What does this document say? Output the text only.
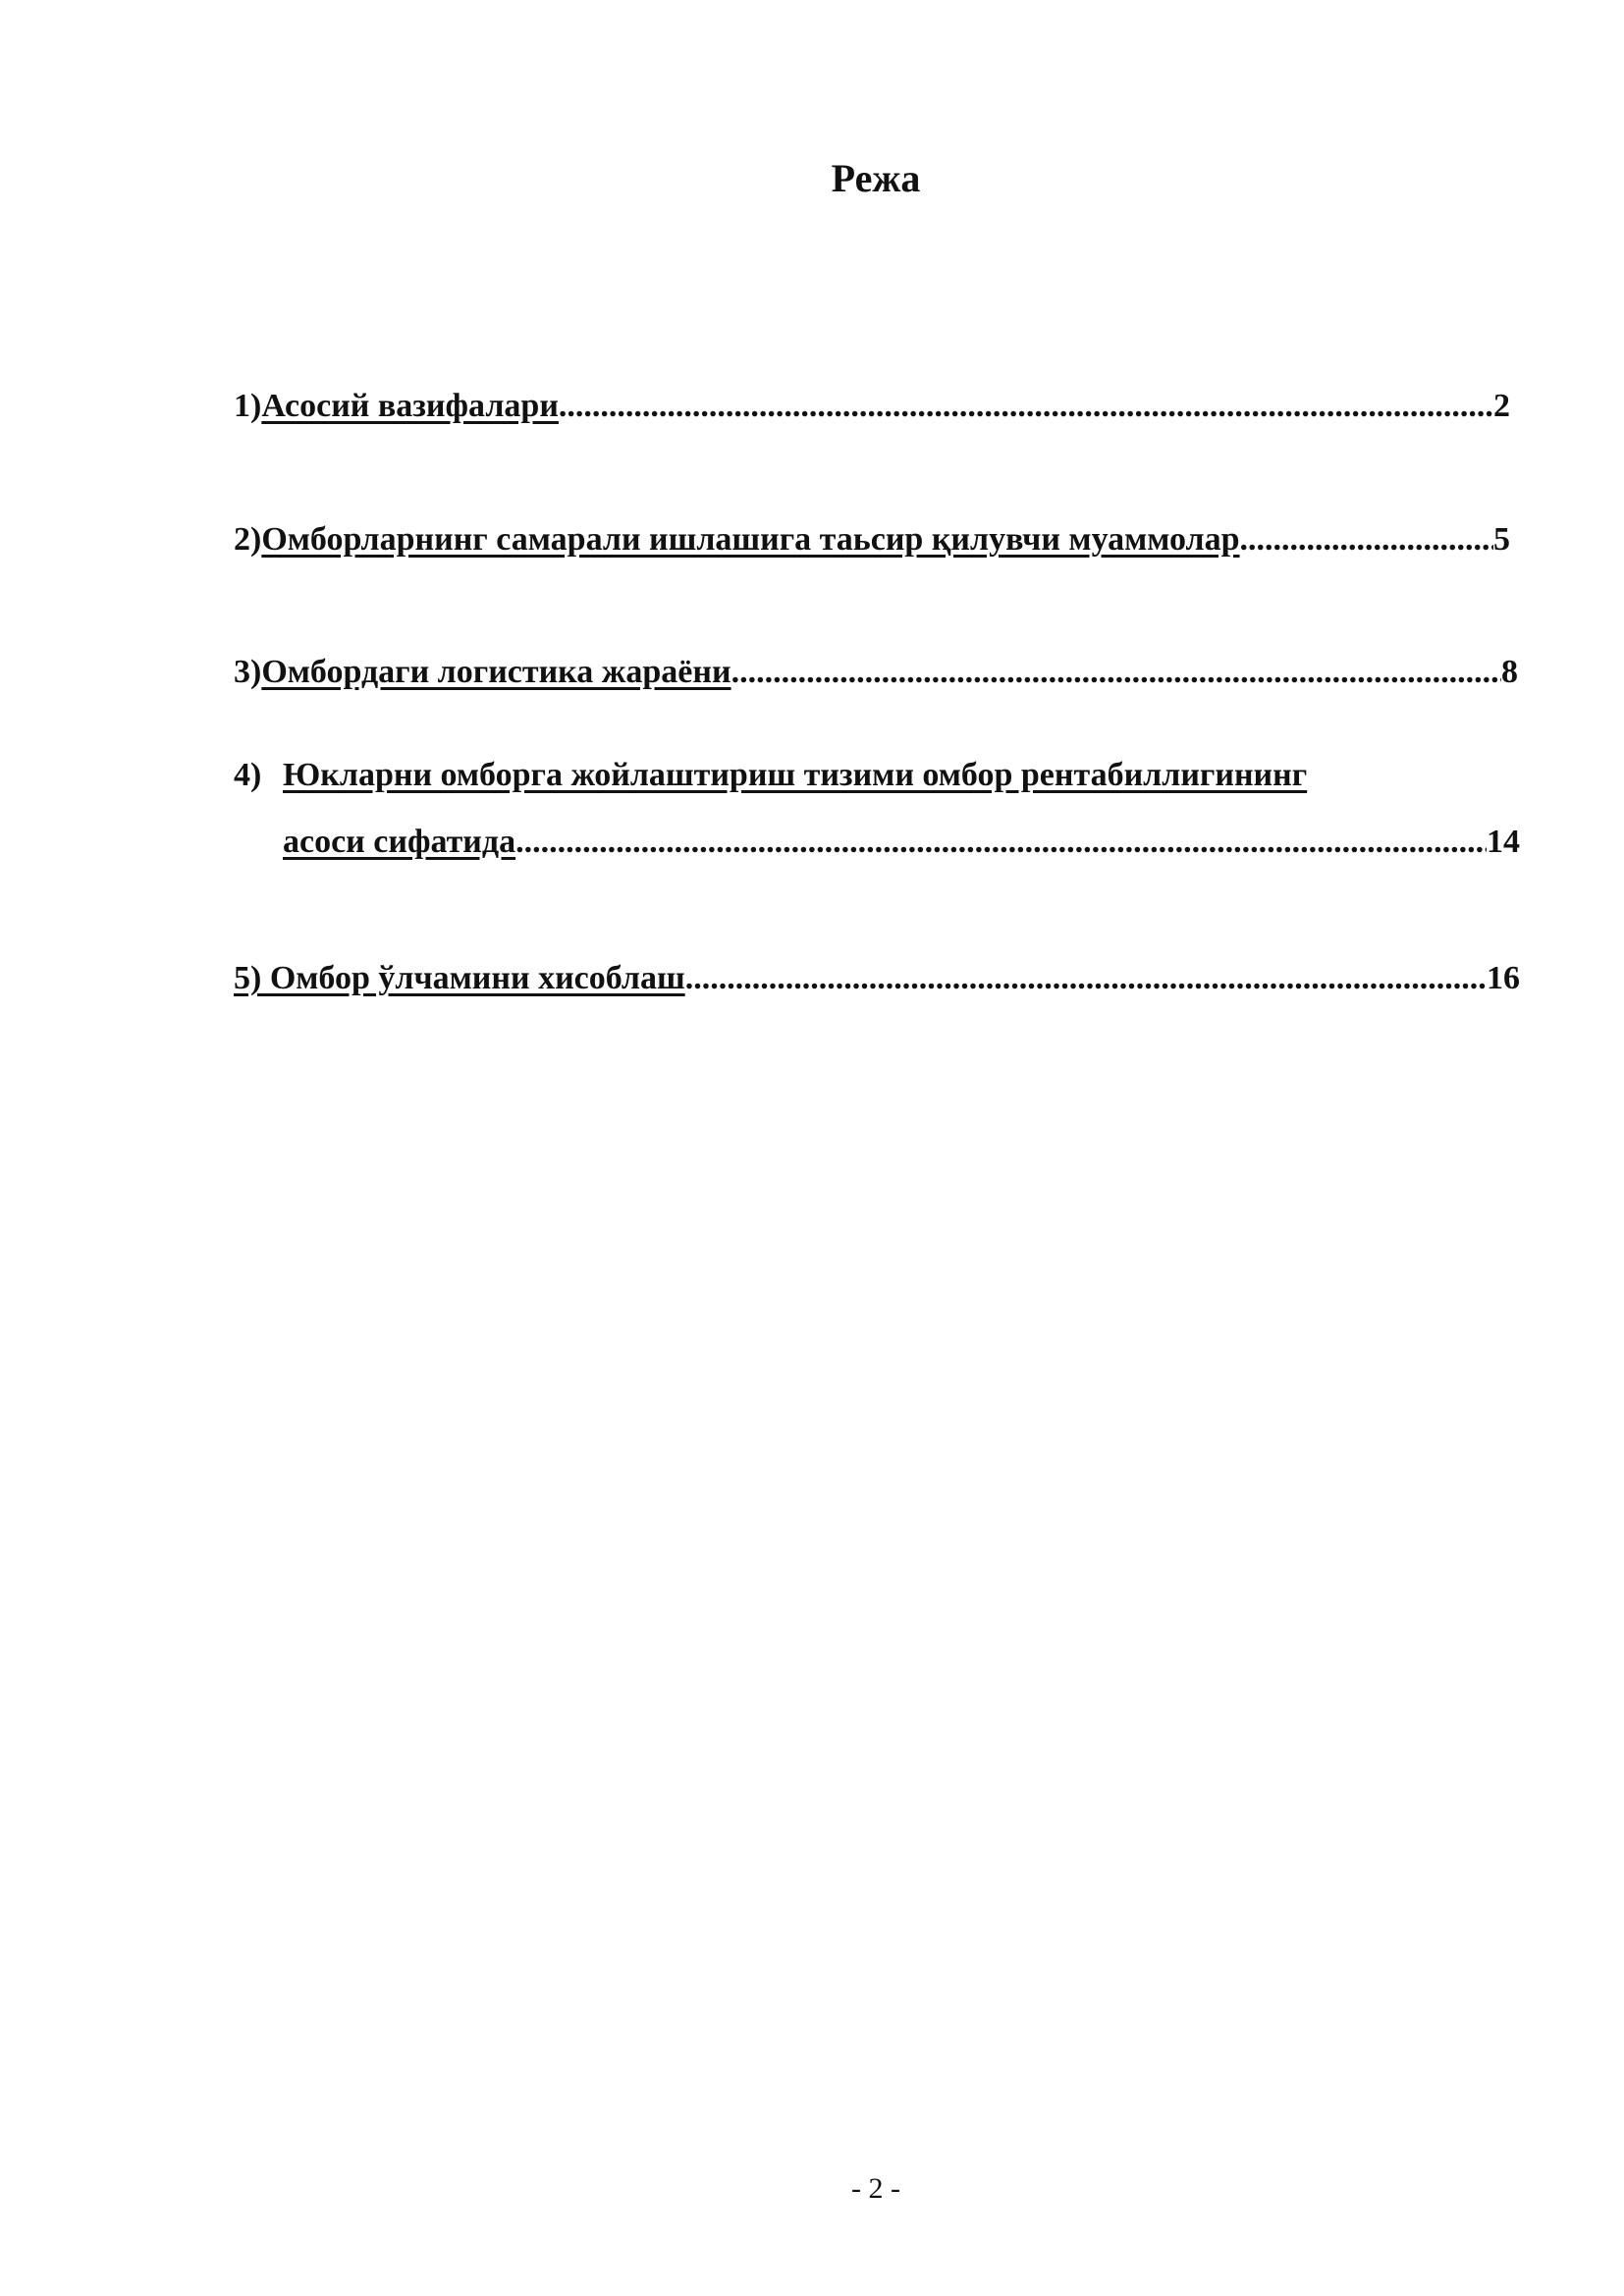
Режа
1) Асосий вазифалари .....	2
2) Омборларнинг самарали ишлашига таьсир қилувчи муаммолар .....	5
3) Омбордаги логистика жараёни .....	8
4) Юкларни омборга жойлаштириш тизими омбор рентабиллигининг
асоси сифатида .....	14
5) Омбор ўлчамини хисоблаш .....	16
- 2 -
